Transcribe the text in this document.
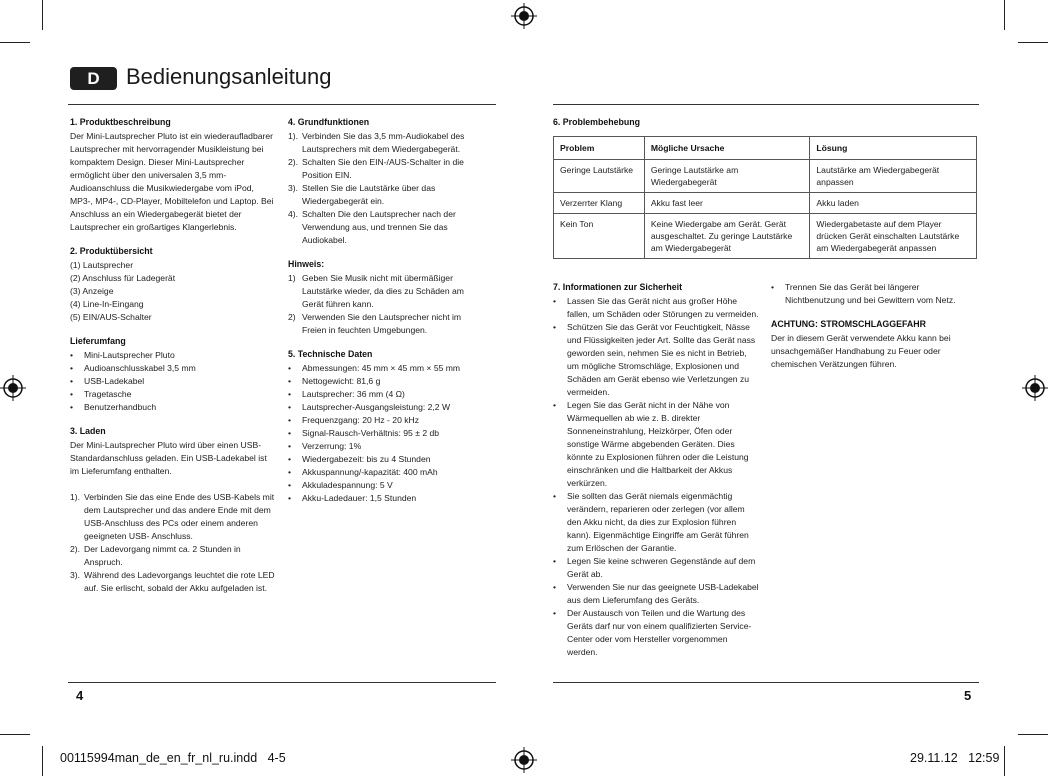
D	Bedienungsanleitung
1. Produktbeschreibung

Der Mini-Lautsprecher Pluto ist ein wiederaufladbarer Lautsprecher mit hervorragender Musikleistung bei kompaktem Design. Dieser Mini-Lautsprecher ermöglicht über den universalen 3,5 mm-Audioanschluss die Musikwiedergabe vom iPod, MP3-, MP4-, CD-Player, Mobiltelefon und Laptop. Bei Anschluss an ein Wiedergabegerät bietet der Lautsprecher ein großartiges Klangerlebnis.

2. Produktübersicht
(1) Lautsprecher
(2) Anschluss für Ladegerät
(3) Anzeige
(4) Line-In-Eingang
(5) EIN/AUS-Schalter
Lieferumfang
• Mini-Lautsprecher Pluto
• Audioanschlusskabel 3,5 mm
• USB-Ladekabel
• Tragetasche
• Benutzerhandbuch
3. Laden

Der Mini-Lautsprecher Pluto wird über einen USB-Standardanschluss geladen. Ein USB-Ladekabel ist im Lieferumfang enthalten.

1). Verbinden Sie das eine Ende des USB-Kabels mit dem Lautsprecher und das andere Ende mit dem USB-Anschluss des PCs oder einem anderen geeigneten USB- Anschluss.
2). Der Ladevorgang nimmt ca. 2 Stunden in Anspruch.
3). Während des Ladevorgangs leuchtet die rote LED auf. Sie erlischt, sobald der Akku aufgeladen ist.
4. Grundfunktionen
1). Verbinden Sie das 3,5 mm-Audiokabel des Lautsprechers mit dem Wiedergabegerät.
2). Schalten Sie den EIN-/AUS-Schalter in die Position EIN.
3). Stellen Sie die Lautstärke über das Wiedergabegerät ein.
4). Schalten Die den Lautsprecher nach der Verwendung aus, und trennen Sie das Audiokabel.
Hinweis:
1) Geben Sie Musik nicht mit übermäßiger Lautstärke wieder, da dies zu Schäden am Gerät führen kann.
2) Verwenden Sie den Lautsprecher nicht im Freien in feuchten Umgebungen.
5. Technische Daten
• Abmessungen: 45 mm × 45 mm × 55 mm
• Nettogewicht: 81,6 g
• Lautsprecher: 36 mm (4 Ω)
• Lautsprecher-Ausgangsleistung: 2,2 W
• Frequenzgang: 20 Hz - 20 kHz
• Signal-Rausch-Verhältnis: 95 ± 2 db
• Verzerrung: 1%
• Wiedergabezeit: bis zu 4 Stunden
• Akkuspannung/-kapazität: 400 mAh
• Akkuladespannung: 5 V
• Akku-Ladedauer: 1,5 Stunden
6. Problembehebung
Problem	Mögliche Ursache	Lösung
Geringe Lautstärke	Geringe Lautstärke am Wiedergabegerät	Lautstärke am Wiedergabegerät anpassen
Verzerrter Klang	Akku fast leer	Akku laden
Kein Ton	Keine Wiedergabe am Gerät. Gerät ausgeschaltet. Zu geringe Lautstärke am Wiedergabegerät	Wiedergabetaste auf dem Player drücken Gerät einschalten Lautstärke am Wiedergabegerät anpassen
7. Informationen zur Sicherheit
• Lassen Sie das Gerät nicht aus großer Höhe fallen, um Schäden oder Störungen zu vermeiden.
• Schützen Sie das Gerät vor Feuchtigkeit, Nässe und Flüssigkeiten jeder Art. Sollte das Gerät nass geworden sein, nehmen Sie es nicht in Betrieb, um mögliche Stromschläge, Explosionen und Schäden am Gerät ebenso wie Verletzungen zu vermeiden.
• Legen Sie das Gerät nicht in der Nähe von Wärmequellen ab wie z. B. direkter Sonneneinstrahlung, Heizkörper, Öfen oder sonstige Wärme abgebenden Geräten. Dies könnte zu Explosionen führen oder die Leistung einschränken und die Haltbarkeit der Akkus verkürzen.
• Sie sollten das Gerät niemals eigenmächtig verändern, reparieren oder zerlegen (vor allem den Akku nicht, da dies zur Explosion führen kann). Eigenmächtige Eingriffe am Gerät führen zum Erlöschen der Garantie.
• Legen Sie keine schweren Gegenstände auf dem Gerät ab.
• Verwenden Sie nur das geeignete USB-Ladekabel aus dem Lieferumfang des Geräts.
• Der Austausch von Teilen und die Wartung des Geräts darf nur von einem qualifizierten Service-Center oder vom Hersteller vorgenommen werden.
• Trennen Sie das Gerät bei längerer Nichtbenutzung und bei Gewittern vom Netz.
ACHTUNG: STROMSCHLAGGEFAHR

Der in diesem Gerät verwendete Akku kann bei unsachgemäßer Handhabung zu Feuer oder chemischen Verätzungen führen.

4	5
00115994man_de_en_fr_nl_ru.indd   4-5	29.11.12   12:59
